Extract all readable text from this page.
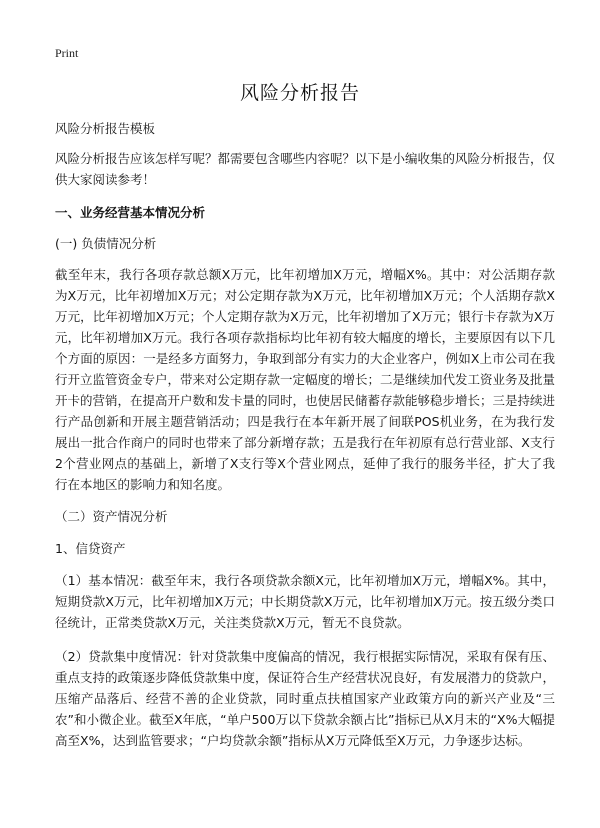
Print
风险分析报告

风险分析报告模板

风险分析报告应该怎样写呢？都需要包含哪些内容呢？以下是小编收集的风险分析报告，仅供大家阅读参考！

一、业务经营基本情况分析

(一) 负债情况分析

截至年末，我行各项存款总额X万元，比年初增加X万元，增幅X%。其中：对公活期存款为X万元，比年初增加X万元；对公定期存款为X万元，比年初增加X万元；个人活期存款X万元，比年初增加X万元；个人定期存款为X万元，比年初增加了X万元；银行卡存款为X万元，比年初增加X万元。我行各项存款指标均比年初有较大幅度的增长，主要原因有以下几个方面的原因：一是经多方面努力，争取到部分有实力的大企业客户，例如X上市公司在我行开立监管资金专户，带来对公定期存款一定幅度的增长；二是继续加代发工资业务及批量开卡的营销，在提高开户数和发卡量的同时，也使居民储蓄存款能够稳步增长；三是持续进行产品创新和开展主题营销活动；四是我行在本年新开展了间联POS机业务，在为我行发展出一批合作商户的同时也带来了部分新增存款；五是我行在年初原有总行营业部、X支行2个营业网点的基础上，新增了X支行等X个营业网点，延伸了我行的服务半径，扩大了我行在本地区的影响力和知名度。

（二）资产情况分析

1、信贷资产

（1）基本情况：截至年末，我行各项贷款余额X元，比年初增加X万元，增幅X%。其中，短期贷款X万元，比年初增加X万元；中长期贷款X万元，比年初增加X万元。按五级分类口径统计，正常类贷款X万元，关注类贷款X万元，暂无不良贷款。

（2）贷款集中度情况：针对贷款集中度偏高的情况，我行根据实际情况，采取有保有压、重点支持的政策逐步降低贷款集中度，保证符合生产经营状况良好，有发展潜力的贷款户，压缩产品落后、经营不善的企业贷款，同时重点扶植国家产业政策方向的新兴产业及“三农”和小微企业。截至X年底，“单户500万以下贷款余额占比”指标已从X月末的“X%大幅提高至X%，达到监管要求；“户均贷款余额”指标从X万元降低至X万元，力争逐步达标。
